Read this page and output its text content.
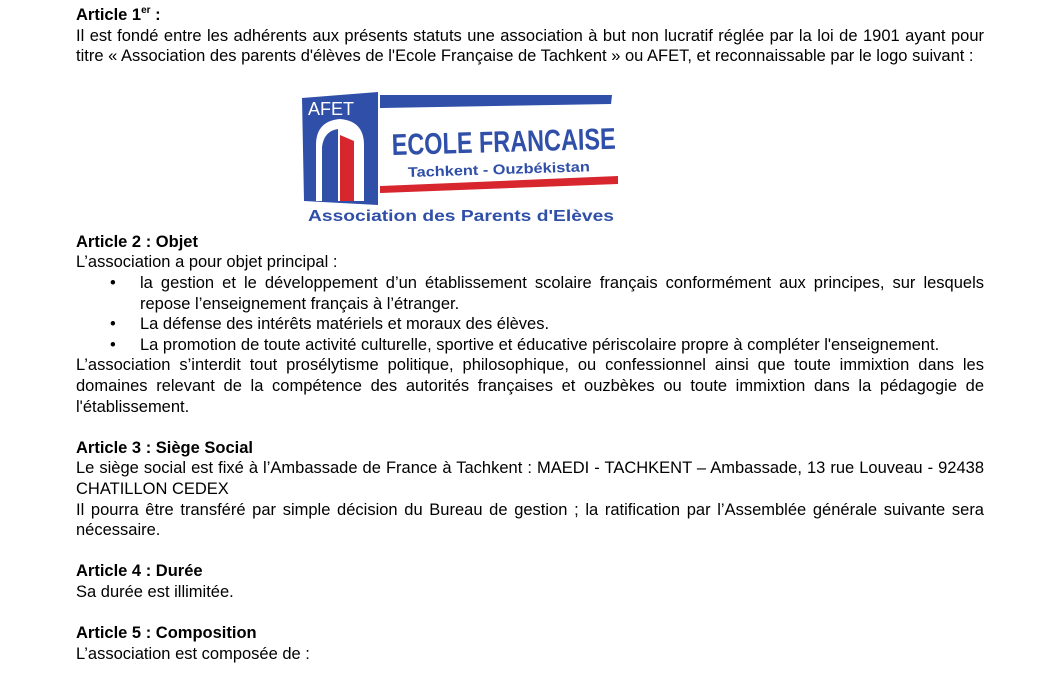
Article 1er :

Il est fondé entre les adhérents aux présents statuts une association à but non lucratif réglée par la loi de 1901 ayant pour titre « Association des parents d'élèves de l'Ecole Française de Tachkent » ou AFET, et reconnaissable par le logo suivant :

AFET
ECOLE FRANCAISE
Tachkent - Ouzbékistan
Association des Parents d'Elèves

Article 2 : Objet

L’association a pour objet principal :

• la gestion et le développement d’un établissement scolaire français conformément aux principes, sur lesquels repose l’enseignement français à l’étranger.
• La défense des intérêts matériels et moraux des élèves.
• La promotion de toute activité culturelle, sportive et éducative périscolaire propre à compléter l'enseignement.

L’association s’interdit tout prosélytisme politique, philosophique, ou confessionnel ainsi que toute immixtion dans les domaines relevant de la compétence des autorités françaises et ouzbèkes ou toute immixtion dans la pédagogie de l'établissement.

Article 3 : Siège Social

Le siège social est fixé à l’Ambassade de France à Tachkent : MAEDI - TACHKENT – Ambassade, 13 rue Louveau - 92438 CHATILLON CEDEX

Il pourra être transféré par simple décision du Bureau de gestion ; la ratification par l’Assemblée générale suivante sera nécessaire.

Article 4 : Durée

Sa durée est illimitée.

Article 5 : Composition

L’association est composée de :
